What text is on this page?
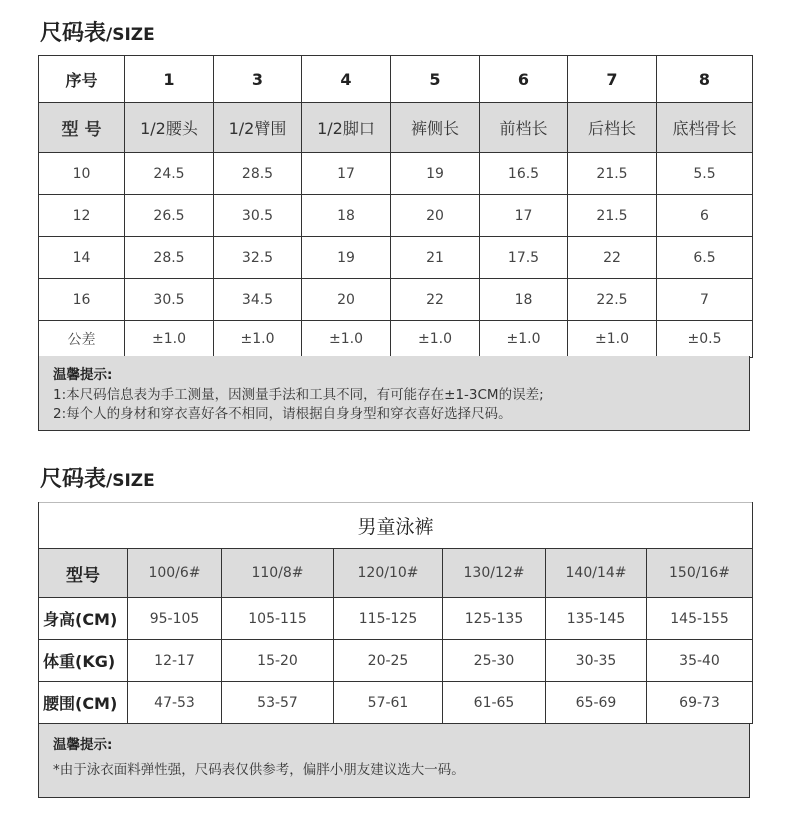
尺码表/SIZE
序号	1	3	4	5	6	7	8
型 号	1/2腰头	1/2臂围	1/2脚口	裤侧长	前档长	后档长	底档骨长
10	24.5	28.5	17	19	16.5	21.5	5.5
12	26.5	30.5	18	20	17	21.5	6
14	28.5	32.5	19	21	17.5	22	6.5
16	30.5	34.5	20	22	18	22.5	7
公差	±1.0	±1.0	±1.0	±1.0	±1.0	±1.0	±0.5
温馨提示:
1:本尺码信息表为手工测量，因测量手法和工具不同，有可能存在±1-3CM的误差;
2:每个人的身材和穿衣喜好各不相同，请根据自身身型和穿衣喜好选择尺码。
尺码表/SIZE
男童泳裤						
型号	100/6#	110/8#	120/10#	130/12#	140/14#	150/16#
身高(CM)	95-105	105-115	115-125	125-135	135-145	145-155
体重(KG)	12-17	15-20	20-25	25-30	30-35	35-40
腰围(CM)	47-53	53-57	57-61	61-65	65-69	69-73
温馨提示:
*由于泳衣面料弹性强，尺码表仅供参考，偏胖小朋友建议选大一码。
